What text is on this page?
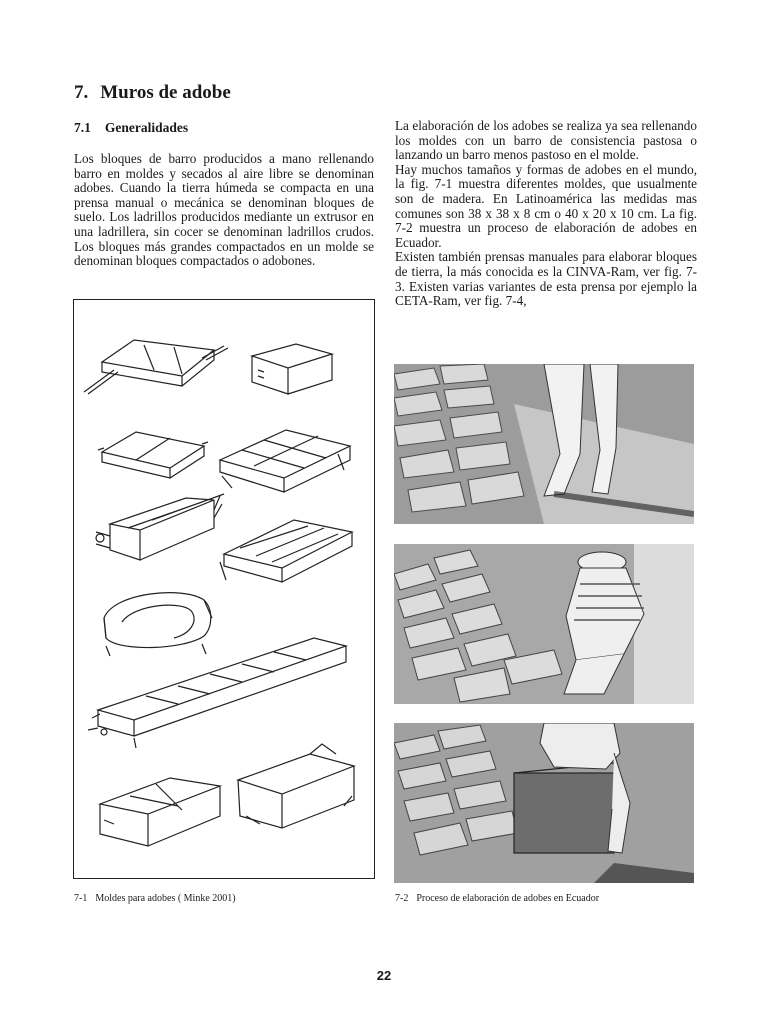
7. Muros de adobe
7.1 Generalidades

Los bloques de barro producidos a mano rellenando barro en moldes y secados al aire libre se denominan adobes. Cuando la tierra húmeda se compacta en una prensa manual o mecánica se denominan bloques de suelo. Los ladrillos producidos mediante un extrusor en una ladrillera, sin cocer se denominan ladrillos crudos. Los bloques más grandes compactados en un molde se denominan bloques compactados o adobones.

La elaboración de los adobes se realiza ya sea rellenando los moldes con un barro de consistencia pastosa o lanzando un barro menos pastoso en el molde.

Hay muchos tamaños y formas de adobes en el mundo, la fig. 7-1 muestra diferentes moldes, que usualmente son de madera. En Latinoamérica las medidas mas comunes son 38 x 38 x 8 cm o 40 x 20 x 10 cm. La fig. 7-2 muestra un proceso de elaboración de adobes en Ecuador.

Existen también prensas manuales para elaborar bloques de tierra, la más conocida es la CINVA-Ram, ver fig. 7-3. Existen varias variantes de esta prensa por ejemplo la CETA-Ram, ver fig. 7-4,

7-1 Moldes para adobes ( Minke 2001)	7-2 Proceso de elaboración de adobes en Ecuador

22
